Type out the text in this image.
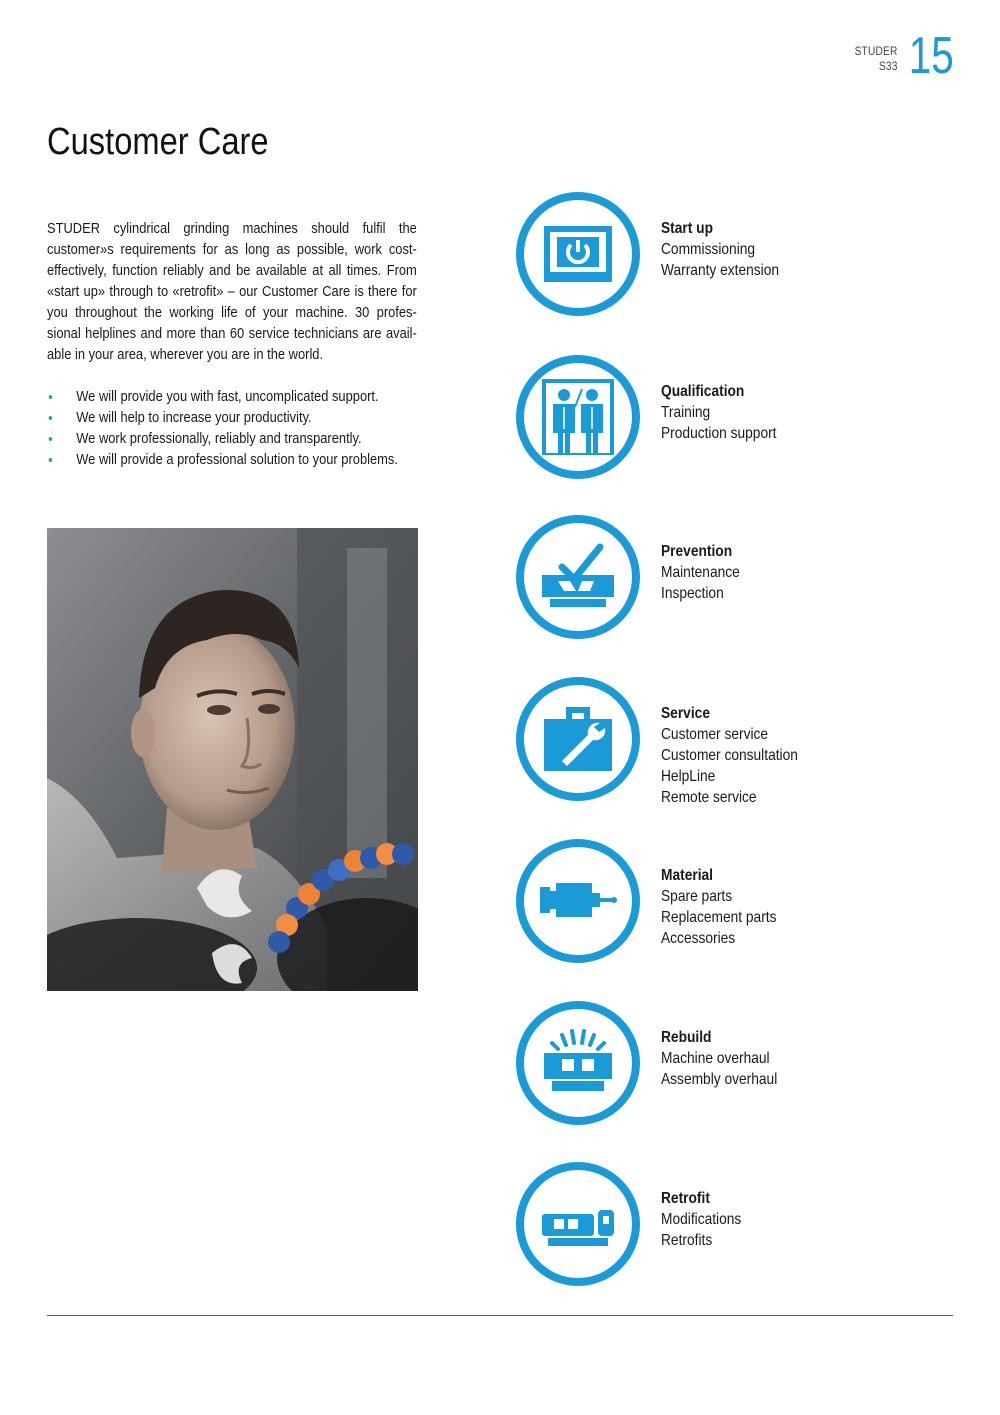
STUDER
S33 15
Customer Care

STUDER cylindrical grinding machines should fulfil the customer»s requirements for as long as possible, work cost-effectively, function reliably and be available at all times. From «start up» through to «retrofit» – our Customer Care is there for you throughout the working life of your machine. 30 profes-sional helplines and more than 60 service technicians are avail-able in your area, wherever you are in the world.

We will provide you with fast, uncomplicated support.
We will help to increase your productivity.
We work professionally, reliably and transparently.
We will provide a professional solution to your problems.
Start up
Commissioning
Warranty extension
Qualification
Training
Production support
Prevention
Maintenance
Inspection
Service
Customer service
Customer consultation
HelpLine
Remote service
Material
Spare parts
Replacement parts
Accessories
Rebuild
Machine overhaul
Assembly overhaul
Retrofit
Modifications
Retrofits
